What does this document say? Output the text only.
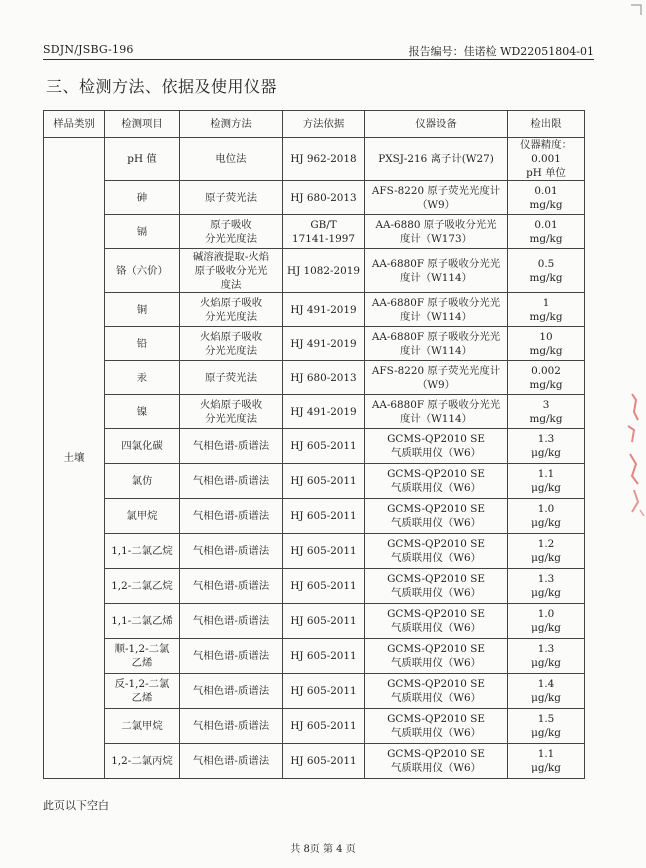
SDJN/JSBG-196	报告编号：佳诺检 WD22051804-01
三、检测方法、依据及使用仪器
样品类别	检测项目	检测方法	方法依据	仪器设备	检出限
土壤	pH 值	电位法	HJ 962-2018	PXSJ-216 离子计(W27)	仪器精度：
0.001
pH 单位
	砷	原子荧光法	HJ 680-2013	AFS-8220 原子荧光光度计
（W9）	0.01
mg/kg
	镉	原子吸收
分光光度法	GB/T
17141-1997	AA-6880 原子吸收分光光
度计（W173）	0.01
mg/kg
	铬（六价）	碱溶液提取-火焰
原子吸收分光光
度法	HJ 1082-2019	AA-6880F 原子吸收分光光
度计（W114）	0.5
mg/kg
	铜	火焰原子吸收
分光光度法	HJ 491-2019	AA-6880F 原子吸收分光光
度计（W114）	1
mg/kg
	铅	火焰原子吸收
分光光度法	HJ 491-2019	AA-6880F 原子吸收分光光
度计（W114）	10
mg/kg
	汞	原子荧光法	HJ 680-2013	AFS-8220 原子荧光光度计
（W9）	0.002
mg/kg
	镍	火焰原子吸收
分光光度法	HJ 491-2019	AA-6880F 原子吸收分光光
度计（W114）	3
mg/kg
	四氯化碳	气相色谱-质谱法	HJ 605-2011	GCMS-QP2010 SE
气质联用仪（W6）	1.3
μg/kg
	氯仿	气相色谱-质谱法	HJ 605-2011	GCMS-QP2010 SE
气质联用仪（W6）	1.1
μg/kg
	氯甲烷	气相色谱-质谱法	HJ 605-2011	GCMS-QP2010 SE
气质联用仪（W6）	1.0
μg/kg
	1,1-二氯乙烷	气相色谱-质谱法	HJ 605-2011	GCMS-QP2010 SE
气质联用仪（W6）	1.2
μg/kg
	1,2-二氯乙烷	气相色谱-质谱法	HJ 605-2011	GCMS-QP2010 SE
气质联用仪（W6）	1.3
μg/kg
	1,1-二氯乙烯	气相色谱-质谱法	HJ 605-2011	GCMS-QP2010 SE
气质联用仪（W6）	1.0
μg/kg
	顺-1,2-二氯
乙烯	气相色谱-质谱法	HJ 605-2011	GCMS-QP2010 SE
气质联用仪（W6）	1.3
μg/kg
	反-1,2-二氯
乙烯	气相色谱-质谱法	HJ 605-2011	GCMS-QP2010 SE
气质联用仪（W6）	1.4
μg/kg
	二氯甲烷	气相色谱-质谱法	HJ 605-2011	GCMS-QP2010 SE
气质联用仪（W6）	1.5
μg/kg
	1,2-二氯丙烷	气相色谱-质谱法	HJ 605-2011	GCMS-QP2010 SE
气质联用仪（W6）	1.1
μg/kg
此页以下空白
共 8页 第 4 页
